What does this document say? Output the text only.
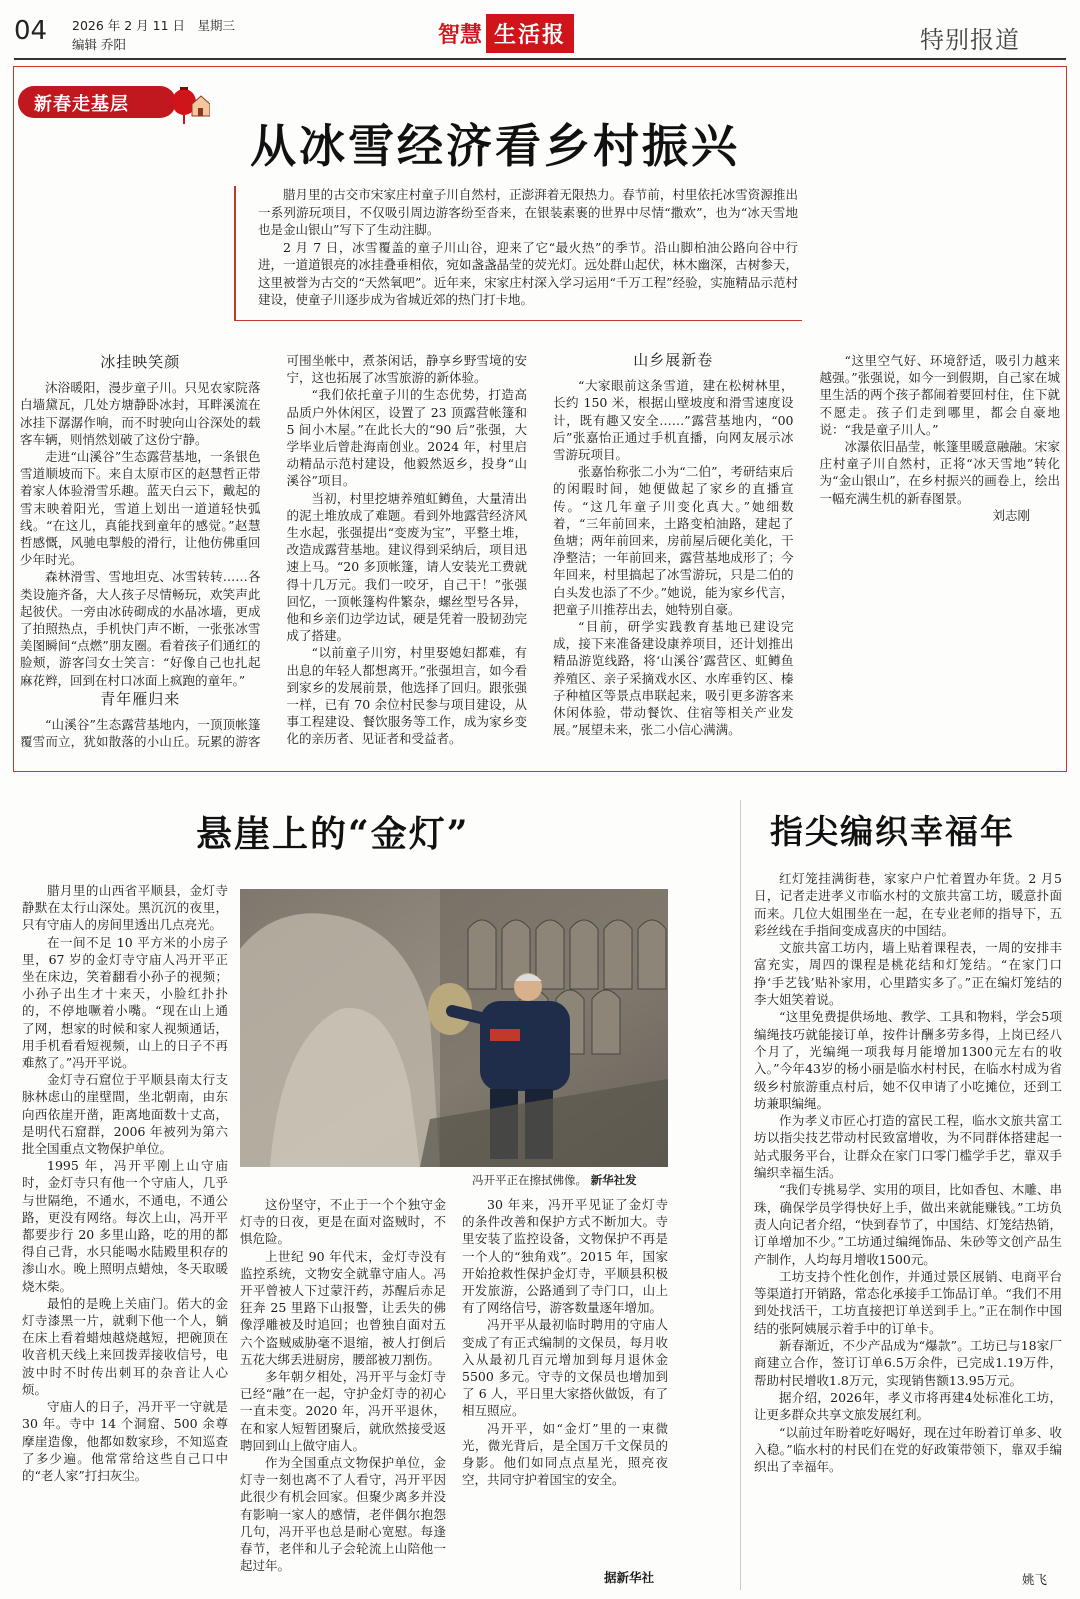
04 2026 年 2 月 11 日　星期三
编辑 乔阳	智慧 生活报	特别报道
新春走基层
从冰雪经济看乡村振兴

腊月里的古交市宋家庄村童子川自然村，正澎湃着无限热力。春节前，村里依托冰雪资源推出一系列游玩项目，不仅吸引周边游客纷至沓来，在银装素裹的世界中尽情“撒欢”，也为“冰天雪地也是金山银山”写下了生动注脚。

2 月 7 日，冰雪覆盖的童子川山谷，迎来了它“最火热”的季节。沿山脚柏油公路向谷中行进，一道道银亮的冰挂叠垂相依，宛如盏盏晶莹的荧光灯。远处群山起伏，林木幽深，古树参天，这里被誉为古交的“天然氧吧”。近年来，宋家庄村深入学习运用“千万工程”经验，实施精品示范村建设，使童子川逐步成为省城近郊的热门打卡地。

冰挂映笑颜

沐浴暖阳，漫步童子川。只见农家院落白墙黛瓦，几处方塘静卧冰封，耳畔溪流在冰挂下潺潺作响，而不时驶向山谷深处的载客车辆，则悄然划破了这份宁静。

走进“山溪谷”生态露营基地，一条银色雪道顺坡而下。来自太原市区的赵慧哲正带着家人体验滑雪乐趣。蓝天白云下，戴起的雪末映着阳光，雪道上划出一道道轻快弧线。“在这儿，真能找到童年的感觉。”赵慧哲感慨，风驰电掣般的滑行，让他仿佛重回少年时光。

森林滑雪、雪地坦克、冰雪转转……各类设施齐备，大人孩子尽情畅玩，欢笑声此起彼伏。一旁由冰砖砌成的水晶冰墙，更成了拍照热点，手机快门声不断，一张张冰雪美图瞬间“点燃”朋友圈。看着孩子们通红的脸颊，游客闫女士笑言：“好像自己也扎起麻花辫，回到在村口冰面上疯跑的童年。”

青年雁归来

“山溪谷”生态露营基地内，一顶顶帐篷覆雪而立，犹如散落的小山丘。玩累的游客可围坐帐中，煮茶闲话，静享乡野雪境的安宁，这也拓展了冰雪旅游的新体验。

“我们依托童子川的生态优势，打造高品质户外休闲区，设置了 23 顶露营帐篷和 5 间小木屋。”在此长大的“90 后”张强，大学毕业后曾赴海南创业。2024 年，村里启动精品示范村建设，他毅然返乡，投身“山溪谷”项目。

当初，村里挖塘养殖虹鳟鱼，大量清出的泥土堆放成了难题。看到外地露营经济风生水起，张强提出“变废为宝”，平整土堆，改造成露营基地。建议得到采纳后，项目迅速上马。“20 多顶帐篷，请人安装光工费就得十几万元。我们一咬牙，自己干！”张强回忆，一顶帐篷构件繁杂，螺丝型号各异，他和乡亲们边学边试，硬是凭着一股韧劲完成了搭建。

“以前童子川穷，村里娶媳妇都难，有出息的年轻人都想离开。”张强坦言，如今看到家乡的发展前景，他选择了回归。跟张强一样，已有 70 余位村民参与项目建设，从事工程建设、餐饮服务等工作，成为家乡变化的亲历者、见证者和受益者。

山乡展新卷

“大家眼前这条雪道，建在松树林里，长约 150 米，根据山壁坡度和滑雪速度设计，既有趣又安全……”露营基地内，“00 后”张嘉怡正通过手机直播，向网友展示冰雪游玩项目。

张嘉怡称张二小为“二伯”，考研结束后的闲暇时间，她便做起了家乡的直播宣传。“这几年童子川变化真大。”她细数着，“三年前回来，土路变柏油路，建起了鱼塘；两年前回来，房前屋后硬化美化，干净整洁；一年前回来，露营基地成形了；今年回来，村里搞起了冰雪游玩，只是二伯的白头发也添了不少。”她说，能为家乡代言，把童子川推荐出去，她特别自豪。

“目前，研学实践教育基地已建设完成，接下来准备建设康养项目，还计划推出精品游览线路，将‘山溪谷’露营区、虹鳟鱼养殖区、亲子采摘戏水区、水库垂钓区、榛子种植区等景点串联起来，吸引更多游客来休闲体验，带动餐饮、住宿等相关产业发展。”展望未来，张二小信心满满。

“这里空气好、环境舒适，吸引力越来越强。”张强说，如今一到假期，自己家在城里生活的两个孩子都闹着要回村住，住下就不愿走。孩子们走到哪里，都会自豪地说：“我是童子川人。”

冰瀑依旧晶莹，帐篷里暖意融融。宋家庄村童子川自然村，正将“冰天雪地”转化为“金山银山”，在乡村振兴的画卷上，绘出一幅充满生机的新春图景。

刘志刚

悬崖上的“金灯”
冯开平正在擦拭佛像。 新华社发

腊月里的山西省平顺县，金灯寺静默在太行山深处。黑沉沉的夜里，只有守庙人的房间里透出几点亮光。

在一间不足 10 平方米的小房子里，67 岁的金灯寺守庙人冯开平正坐在床边，笑着翻看小孙子的视频；小孙子出生才十来天，小脸红扑扑的，不停地噘着小嘴。“现在山上通了网，想家的时候和家人视频通话，用手机看看短视频，山上的日子不再难熬了。”冯开平说。

金灯寺石窟位于平顺县南太行支脉林虑山的崖壁間，坐北朝南，由东向西依崖开凿，距离地面数十丈高，是明代石窟群，2006 年被列为第六批全国重点文物保护单位。

1995 年，冯开平刚上山守庙时，金灯寺只有他一个守庙人，几乎与世隔绝，不通水，不通电，不通公路，更没有网络。每次上山，冯开平都要步行 20 多里山路，吃的用的都得自己背，水只能喝水陆殿里积存的渗山水。晚上照明点蜡烛，冬天取暖烧木柴。

最怕的是晚上关庙门。偌大的金灯寺漆黑一片，就剩下他一个人，躺在床上看着蜡烛越烧越短，把碗顶在收音机天线上来回拨弄接收信号，电波中时不时传出刺耳的杂音让人心烦。

守庙人的日子，冯开平一守就是 30 年。寺中 14 个洞窟、500 余尊摩崖造像，他都如数家珍，不知巡查了多少遍。他常常给这些自己口中的“老人家”打扫灰尘。

这份坚守，不止于一个个独守金灯寺的日夜，更是在面对盗贼时，不惧危险。

上世纪 90 年代末，金灯寺没有监控系统，文物安全就靠守庙人。冯开平曾被人下过蒙汗药，苏醒后赤足狂奔 25 里路下山报警，让丢失的佛像浮雕被及时追回；也曾独自面对五六个盗贼威胁毫不退缩，被人打倒后五花大绑丢进厨房，腰部被刀割伤。

多年朝夕相处，冯开平与金灯寺已经“融”在一起，守护金灯寺的初心一直未变。2020 年，冯开平退休，在和家人短暂团聚后，就欣然接受返聘回到山上做守庙人。

作为全国重点文物保护单位，金灯寺一刻也离不了人看守，冯开平因此很少有机会回家。但聚少离多并没有影响一家人的感情，老伴偶尔抱怨几句，冯开平也总是耐心宽慰。每逢春节，老伴和儿子会轮流上山陪他一起过年。

30 年来，冯开平见证了金灯寺的条件改善和保护方式不断加大。寺里安装了监控设备，文物保护不再是一个人的“独角戏”。2015 年，国家开始抢救性保护金灯寺，平顺县积极开发旅游，公路通到了寺门口，山上有了网络信号，游客数量逐年增加。

冯开平从最初临时聘用的守庙人变成了有正式编制的文保员，每月收入从最初几百元增加到每月退休金 5500 多元。守寺的文保员也增加到了 6 人，平日里大家搭伙做饭，有了相互照应。

冯开平，如“金灯”里的一束微光，微光背后，是全国万千文保员的身影。他们如同点点星光，照亮夜空，共同守护着国宝的安全。

据新华社
指尖编织幸福年

红灯笼挂满街巷，家家户户忙着置办年货。2 月5日，记者走进孝义市临水村的文旅共富工坊，暖意扑面而来。几位大姐围坐在一起，在专业老师的指导下，五彩丝线在手指间变成喜庆的中国结。

文旅共富工坊内，墙上贴着课程表，一周的安排丰富充实，周四的课程是桃花结和灯笼结。“在家门口挣‘手艺钱’贴补家用，心里踏实多了。”正在编灯笼结的李大姐笑着说。

“这里免费提供场地、教学、工具和物料，学会5项编绳技巧就能接订单，按件计酬多劳多得，上岗已经八个月了，光编绳一项我每月能增加1300元左右的收入。”今年43岁的杨小丽是临水村村民，在临水村成为省级乡村旅游重点村后，她不仅申请了小吃摊位，还到工坊兼职编绳。

作为孝义市匠心打造的富民工程，临水文旅共富工坊以指尖技艺带动村民致富增收，为不同群体搭建起一站式服务平台，让群众在家门口零门槛学手艺，靠双手编织幸福生活。

“我们专挑易学、实用的项目，比如香包、木雕、串珠，确保学员学得快好上手，做出来就能赚钱。”工坊负责人向记者介绍，“快到春节了，中国结、灯笼结热销，订单增加不少。”工坊通过编绳饰品、朱砂等文创产品生产制作，人均每月增收1500元。

工坊支持个性化创作，并通过景区展销、电商平台等渠道打开销路，常态化承接手工饰品订单。“我们不用到处找活干，工坊直接把订单送到手上。”正在制作中国结的张阿姨展示着手中的订单卡。

新春渐近，不少产品成为“爆款”。工坊已与18家厂商建立合作，签订订单6.5万余件，已完成1.19万件，帮助村民增收1.8万元，实现销售额13.95万元。

据介绍，2026年，孝义市将再建4处标准化工坊，让更多群众共享文旅发展红利。

“以前过年盼着吃好喝好，现在过年盼着订单多、收入稳。”临水村的村民们在党的好政策带领下，靠双手编织出了幸福年。

姚飞
